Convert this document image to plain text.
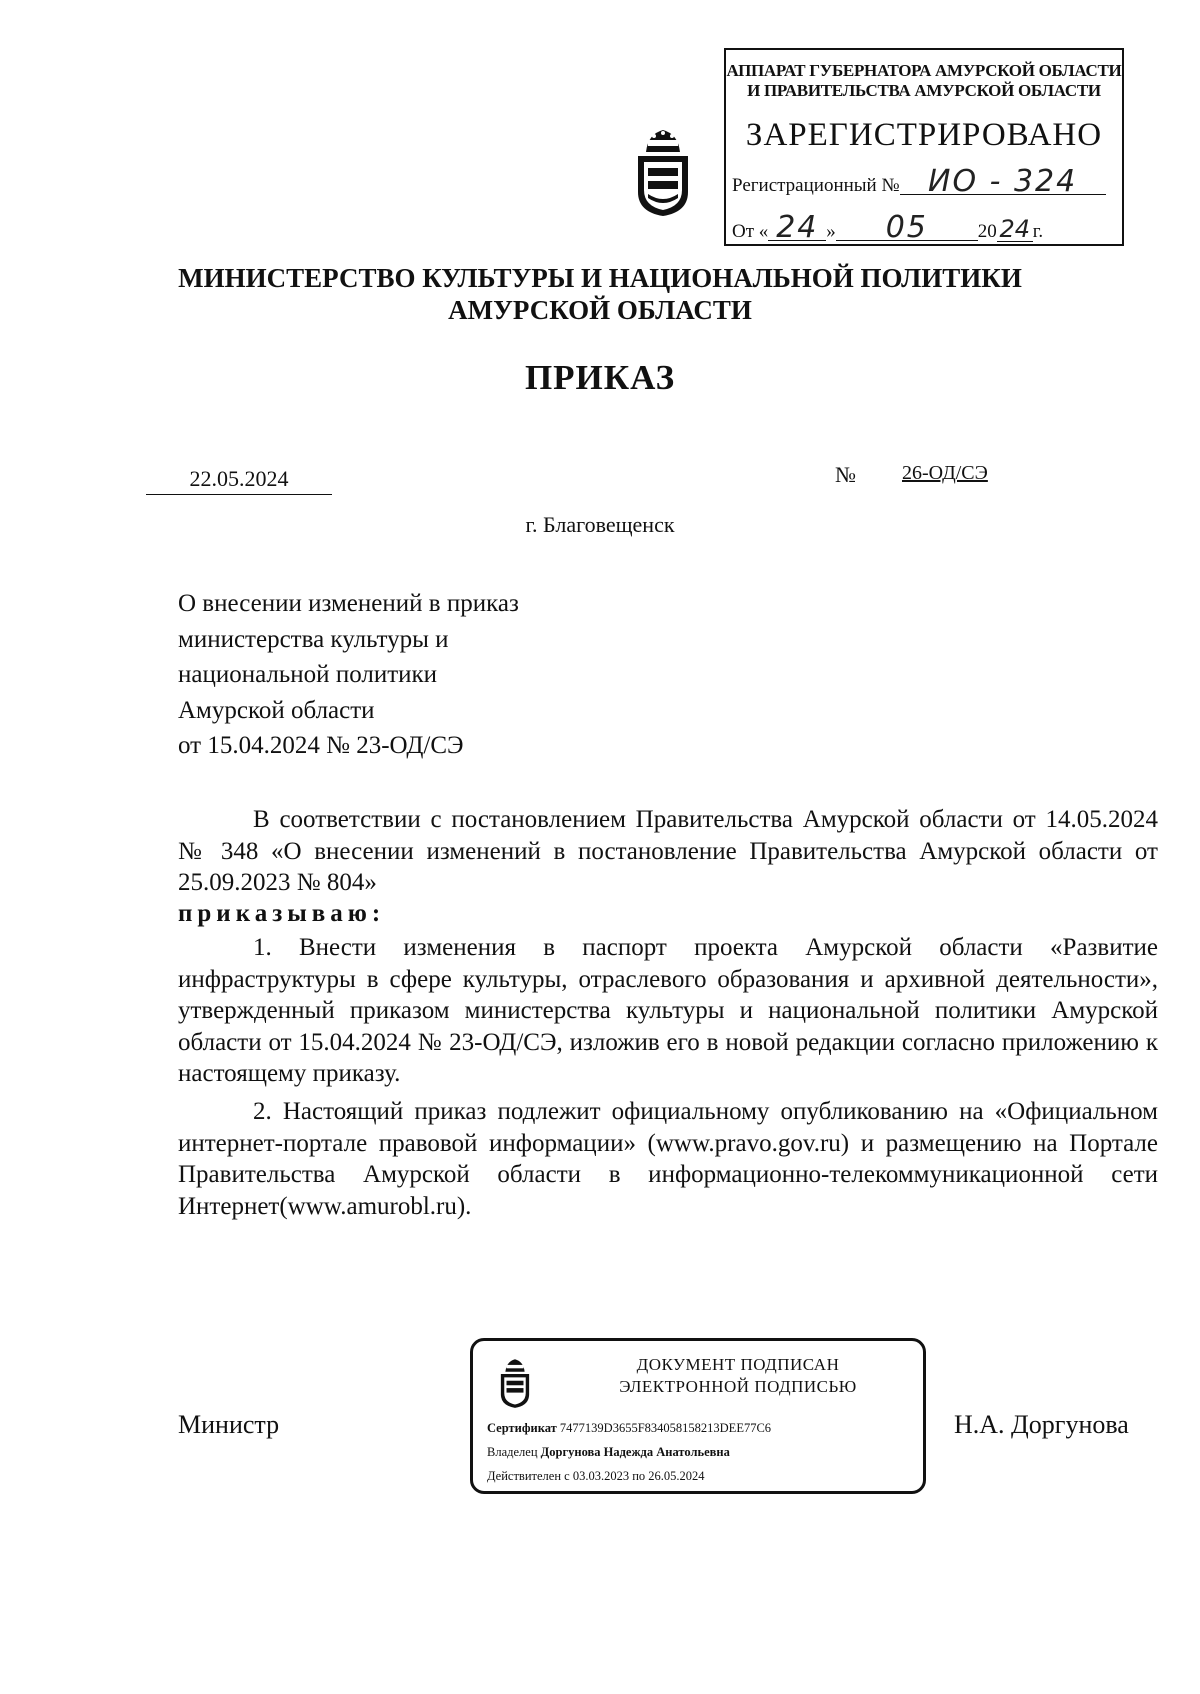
АППАРАТ ГУБЕРНАТОРА АМУРСКОЙ ОБЛАСТИ
И ПРАВИТЕЛЬСТВА АМУРСКОЙ ОБЛАСТИ
ЗАРЕГИСТРИРОВАНО
Регистрационный № ИО - 324
От « 24 » 05	20 24 г.
МИНИСТЕРСТВО КУЛЬТУРЫ И НАЦИОНАЛЬНОЙ ПОЛИТИКИ
АМУРСКОЙ ОБЛАСТИ
ПРИКАЗ
22.05.2024	№ 26-ОД/СЭ
г. Благовещенск
О внесении изменений в приказ
министерства культуры и
национальной политики
Амурской области
от 15.04.2024 № 23-ОД/СЭ
В соответствии с постановлением Правительства Амурской области от 14.05.2024 № 348 «О внесении изменений в постановление Правительства Амурской области от 25.09.2023 № 804»
приказываю:
1. Внести изменения в паспорт проекта Амурской области «Развитие инфраструктуры в сфере культуры, отраслевого образования и архивной деятельности», утвержденный приказом министерства культуры и национальной политики Амурской области от 15.04.2024 № 23-ОД/СЭ, изложив его в новой редакции согласно приложению к настоящему приказу.
2. Настоящий приказ подлежит официальному опубликованию на «Официальном интернет-портале правовой информации» (www.pravo.gov.ru) и размещению на Портале Правительства Амурской области в информационно-телекоммуникационной сети Интернет(www.amurobl.ru).
ДОКУМЕНТ ПОДПИСАН
ЭЛЕКТРОННОЙ ПОДПИСЬЮ
Сертификат 7477139D3655F834058158213DEE77C6
Владелец Доргунова Надежда Анатольевна
Действителен с 03.03.2023 по 26.05.2024
Министр	Н.А. Доргунова
